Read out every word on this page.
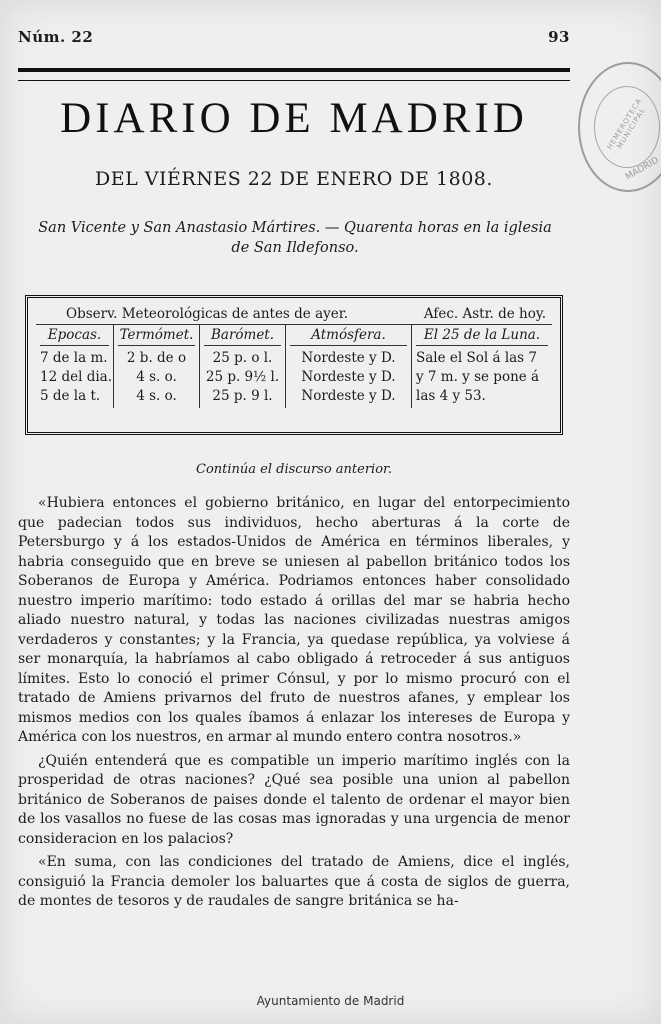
Núm. 22	93
DIARIO DE MADRID
DEL VIÉRNES 22 DE ENERO DE 1808.
San Vicente y San Anastasio Mártires. — Quarenta horas en la iglesia de San Ildefonso.
Observ. Meteorológicas de antes de ayer.	Afec. Astr. de hoy.
Epocas.
7 de la m.
12 del dia.
5 de la t.
Termómet.
2 b. de o
4 s. o.
4 s. o.
Barómet.
25 p. o l.
25 p. 9½ l.
25 p. 9 l.
Atmósfera.
Nordeste y D.
Nordeste y D.
Nordeste y D.
El 25 de la Luna.
Sale el Sol á las 7 y 7 m. y se pone á las 4 y 53.
Continúa el discurso anterior.

«Hubiera entonces el gobierno británico, en lugar del entorpecimiento que padecian todos sus individuos, hecho aberturas á la corte de Petersburgo y á los estados-Unidos de América en términos liberales, y habria conseguido que en breve se uniesen al pabellon británico todos los Soberanos de Europa y América. Podriamos entonces haber consolidado nuestro imperio marítimo: todo estado á orillas del mar se habria hecho aliado nuestro natural, y todas las naciones civilizadas nuestras amigos verdaderos y constantes; y la Francia, ya quedase república, ya volviese á ser monarquía, la habríamos al cabo obligado á retroceder á sus antiguos límites. Esto lo conoció el primer Cónsul, y por lo mismo procuró con el tratado de Amiens privarnos del fruto de nuestros afanes, y emplear los mismos medios con los quales íbamos á enlazar los intereses de Europa y América con los nuestros, en armar al mundo entero contra nosotros.»

¿Quién entenderá que es compatible un imperio marítimo inglés con la prosperidad de otras naciones? ¿Qué sea posible una union al pabellon británico de Soberanos de paises donde el talento de ordenar el mayor bien de los vasallos no fuese de las cosas mas ignoradas y una urgencia de menor consideracion en los palacios?

«En suma, con las condiciones del tratado de Amiens, dice el inglés, consiguió la Francia demoler los baluartes que á costa de siglos de guerra, de montes de tesoros y de raudales de sangre británica se ha-

HEMEROTECA MUNICIPAL
MADRID
Ayuntamiento de Madrid
